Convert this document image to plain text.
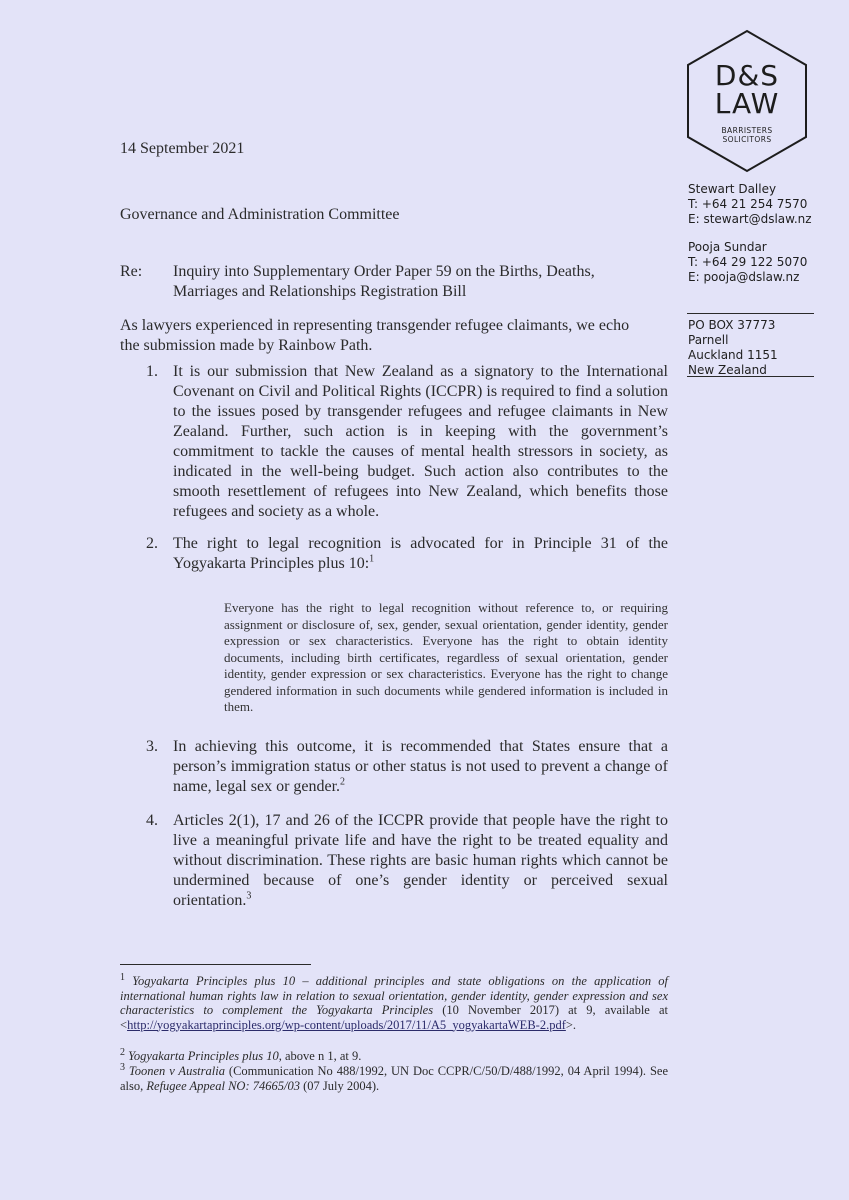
D&S
LAW
BARRISTERS
SOLICITORS
Stewart Dalley
T: +64 21 254 7570
E: stewart@dslaw.nz
Pooja Sundar
T: +64 29 122 5070
E: pooja@dslaw.nz
PO BOX 37773
Parnell
Auckland 1151
New Zealand
14 September 2021
Governance and Administration Committee
Re: Inquiry into Supplementary Order Paper 59 on the Births, Deaths, Marriages and Relationships Registration Bill
As lawyers experienced in representing transgender refugee claimants, we echo the submission made by Rainbow Path.
1. It is our submission that New Zealand as a signatory to the International Covenant on Civil and Political Rights (ICCPR) is required to find a solution to the issues posed by transgender refugees and refugee claimants in New Zealand. Further, such action is in keeping with the government’s commitment to tackle the causes of mental health stressors in society, as indicated in the well-being budget. Such action also contributes to the smooth resettlement of refugees into New Zealand, which benefits those refugees and society as a whole.
2. The right to legal recognition is advocated for in Principle 31 of the Yogyakarta Principles plus 10:$^1$
Everyone has the right to legal recognition without reference to, or requiring assignment or disclosure of, sex, gender, sexual orientation, gender identity, gender expression or sex characteristics. Everyone has the right to obtain identity documents, including birth certificates, regardless of sexual orientation, gender identity, gender expression or sex characteristics. Everyone has the right to change gendered information in such documents while gendered information is included in them.
3. In achieving this outcome, it is recommended that States ensure that a person’s immigration status or other status is not used to prevent a change of name, legal sex or gender.$^2$
4. Articles 2(1), 17 and 26 of the ICCPR provide that people have the right to live a meaningful private life and have the right to be treated equality and without discrimination. These rights are basic human rights which cannot be undermined because of one’s gender identity or perceived sexual orientation.$^3$
$^1$ Yogyakarta Principles plus 10 – additional principles and state obligations on the application of international human rights law in relation to sexual orientation, gender identity, gender expression and sex characteristics to complement the Yogyakarta Principles (10 November 2017) at 9, available at <http://yogyakartaprinciples.org/wp-content/uploads/2017/11/A5_yogyakartaWEB-2.pdf>.
$^2$ Yogyakarta Principles plus 10, above n 1, at 9.
$^3$ Toonen v Australia (Communication No 488/1992, UN Doc CCPR/C/50/D/488/1992, 04 April 1994). See also, Refugee Appeal NO: 74665/03 (07 July 2004).
